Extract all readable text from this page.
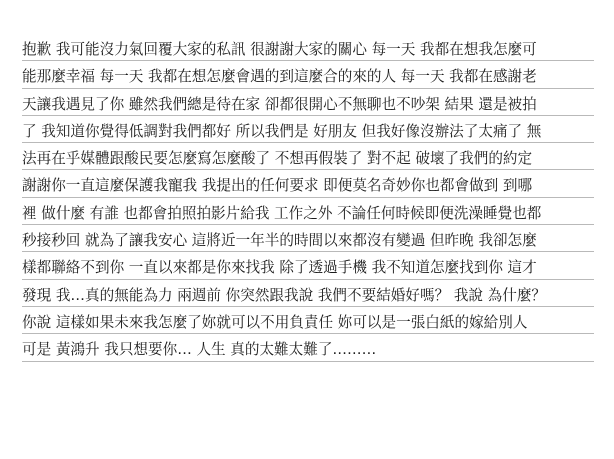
抱歉 我可能沒力氣回覆大家的私訊 很謝謝大家的關心 每一天 我都在想我怎麼可
能那麼幸福 每一天 我都在想怎麼會遇的到這麼合的來的人 每一天 我都在感謝老
天讓我遇見了你 雖然我們總是待在家 卻都很開心不無聊也不吵架 結果 還是被拍
了 我知道你覺得低調對我們都好 所以我們是 好朋友 但我好像沒辦法了太痛了 無
法再在乎媒體跟酸民要怎麼寫怎麼酸了 不想再假裝了 對不起 破壞了我們的約定
謝謝你一直這麼保護我寵我 我提出的任何要求 即便莫名奇妙你也都會做到 到哪
裡 做什麼 有誰 也都會拍照拍影片給我 工作之外 不論任何時候即便洗澡睡覺也都
秒接秒回 就為了讓我安心 這將近一年半的時間以來都沒有變過 但昨晚 我卻怎麼
樣都聯絡不到你 一直以來都是你來找我 除了透過手機 我不知道怎麼找到你 這才
發現 我…真的無能為力 兩週前 你突然跟我說 我們不要結婚好嗎？ 我說 為什麼？
你說 這樣如果未來我怎麼了妳就可以不用負責任 妳可以是一張白紙的嫁給別人
可是 黃鴻升 我只想要你… 人生 真的太難太難了………
